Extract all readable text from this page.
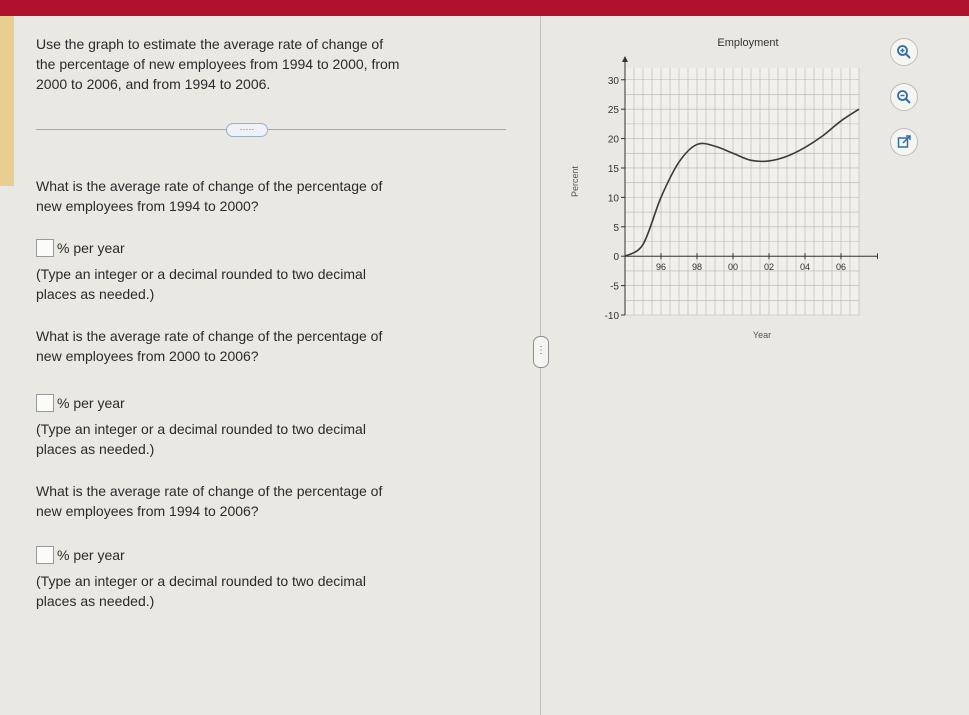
Use the graph to estimate the average rate of change of

the percentage of new employees from 1994 to 2000, from

2000 to 2006, and from 1994 to 2006.

·····

What is the average rate of change of the percentage of

new employees from 1994 to 2000?

% per year

(Type an integer or a decimal rounded to two decimal

places as needed.)

What is the average rate of change of the percentage of

new employees from 2000 to 2006?

% per year

(Type an integer or a decimal rounded to two decimal

places as needed.)

What is the average rate of change of the percentage of

new employees from 1994 to 2006?

% per year

(Type an integer or a decimal rounded to two decimal

places as needed.)

⋮
-10
-5
0
5
10
15
20
25
30
96	98	00	02	04	06
Employment
Year
Percent
